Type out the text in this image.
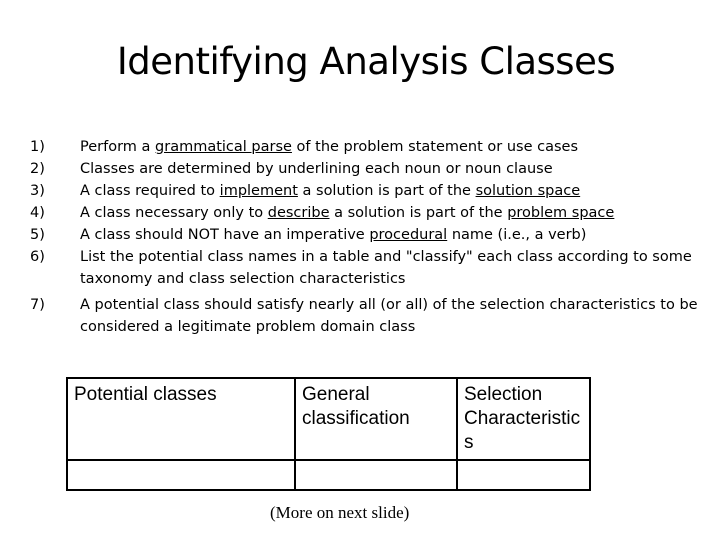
Identifying Analysis Classes
1)	Perform a grammatical parse of the problem statement or use cases
2)	Classes are determined by underlining each noun or noun clause
3)	A class required to implement a solution is part of the solution space
4)	A class necessary only to describe a solution is part of the problem space
5)	A class should NOT have an imperative procedural name (i.e., a verb)
6)	List the potential class names in a table and "classify" each class according to some taxonomy and class selection characteristics
7)	A potential class should satisfy nearly all (or all) of the selection characteristics to be considered a legitimate problem domain class
Potential classes	General classification	Selection Characteristic s

(More on next slide)
